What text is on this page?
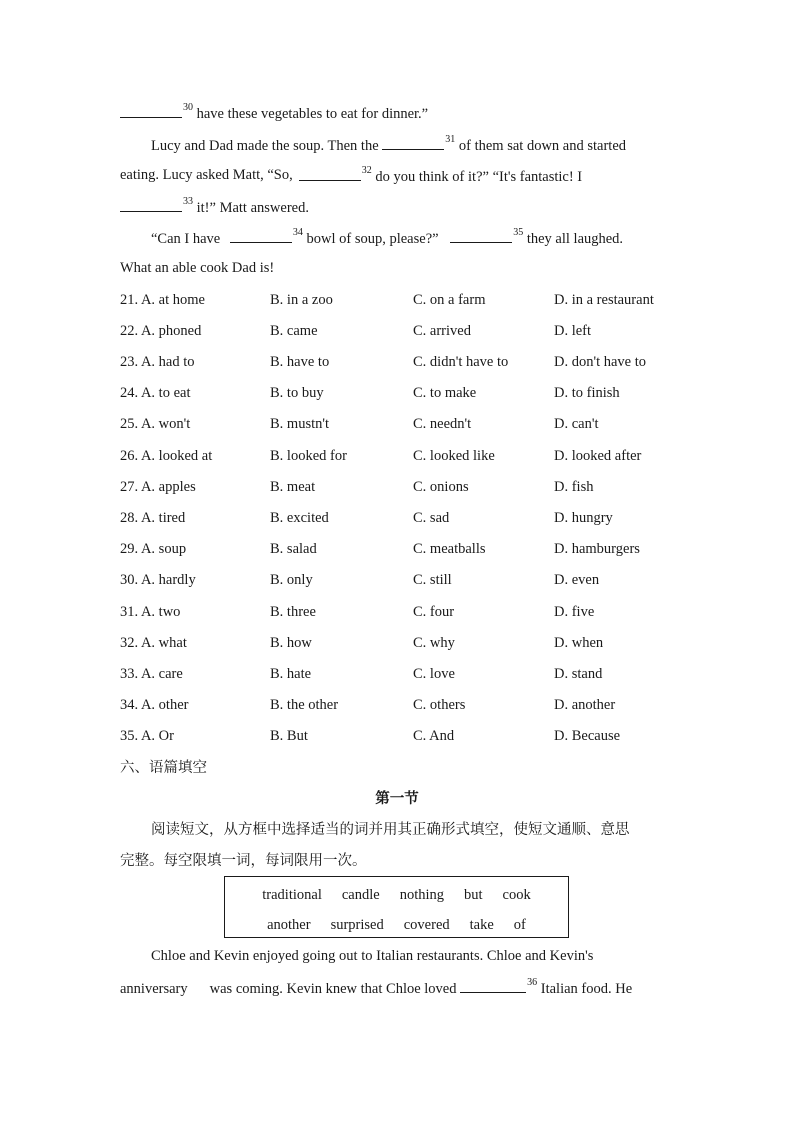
$^{30}$ have these vegetables to eat for dinner.”
Lucy and Dad made the soup. Then the	$^{31}$ of them sat down and started
eating. Lucy asked Matt, “So,	$^{32}$ do you think of it?” “It's fantastic! I
$^{33}$ it!” Matt answered.
“Can I have	$^{34}$ bowl of soup, please?”	$^{35}$ they all laughed.
What an able cook Dad is!
21. A. at home	B. in a zoo	C. on a farm	D. in a restaurant
22. A. phoned	B. came	C. arrived	D. left
23. A. had to	B. have to	C. didn't have to	D. don't have to
24. A. to eat	B. to buy	C. to make	D. to finish
25. A. won't	B. mustn't	C. needn't	D. can't
26. A. looked at	B. looked for	C. looked like	D. looked after
27. A. apples	B. meat	C. onions	D. fish
28. A. tired	B. excited	C. sad	D. hungry
29. A. soup	B. salad	C. meatballs	D. hamburgers
30. A. hardly	B. only	C. still	D. even
31. A. two	B. three	C. four	D. five
32. A. what	B. how	C. why	D. when
33. A. care	B. hate	C. love	D. stand
34. A. other	B. the other	C. others	D. another
35. A. Or	B. But	C. And	D. Because
六、语篇填空
第一节
阅读短文，从方框中选择适当的词并用其正确形式填空，使短文通顺、意思
完整。每空限填一词，每词限用一次。
Chloe and Kevin enjoyed going out to Italian restaurants. Chloe and Kevin's
anniversary was coming. Kevin knew that Chloe loved	$^{36}$ Italian food. He
traditional candle nothing but cook
another surprised covered take of
